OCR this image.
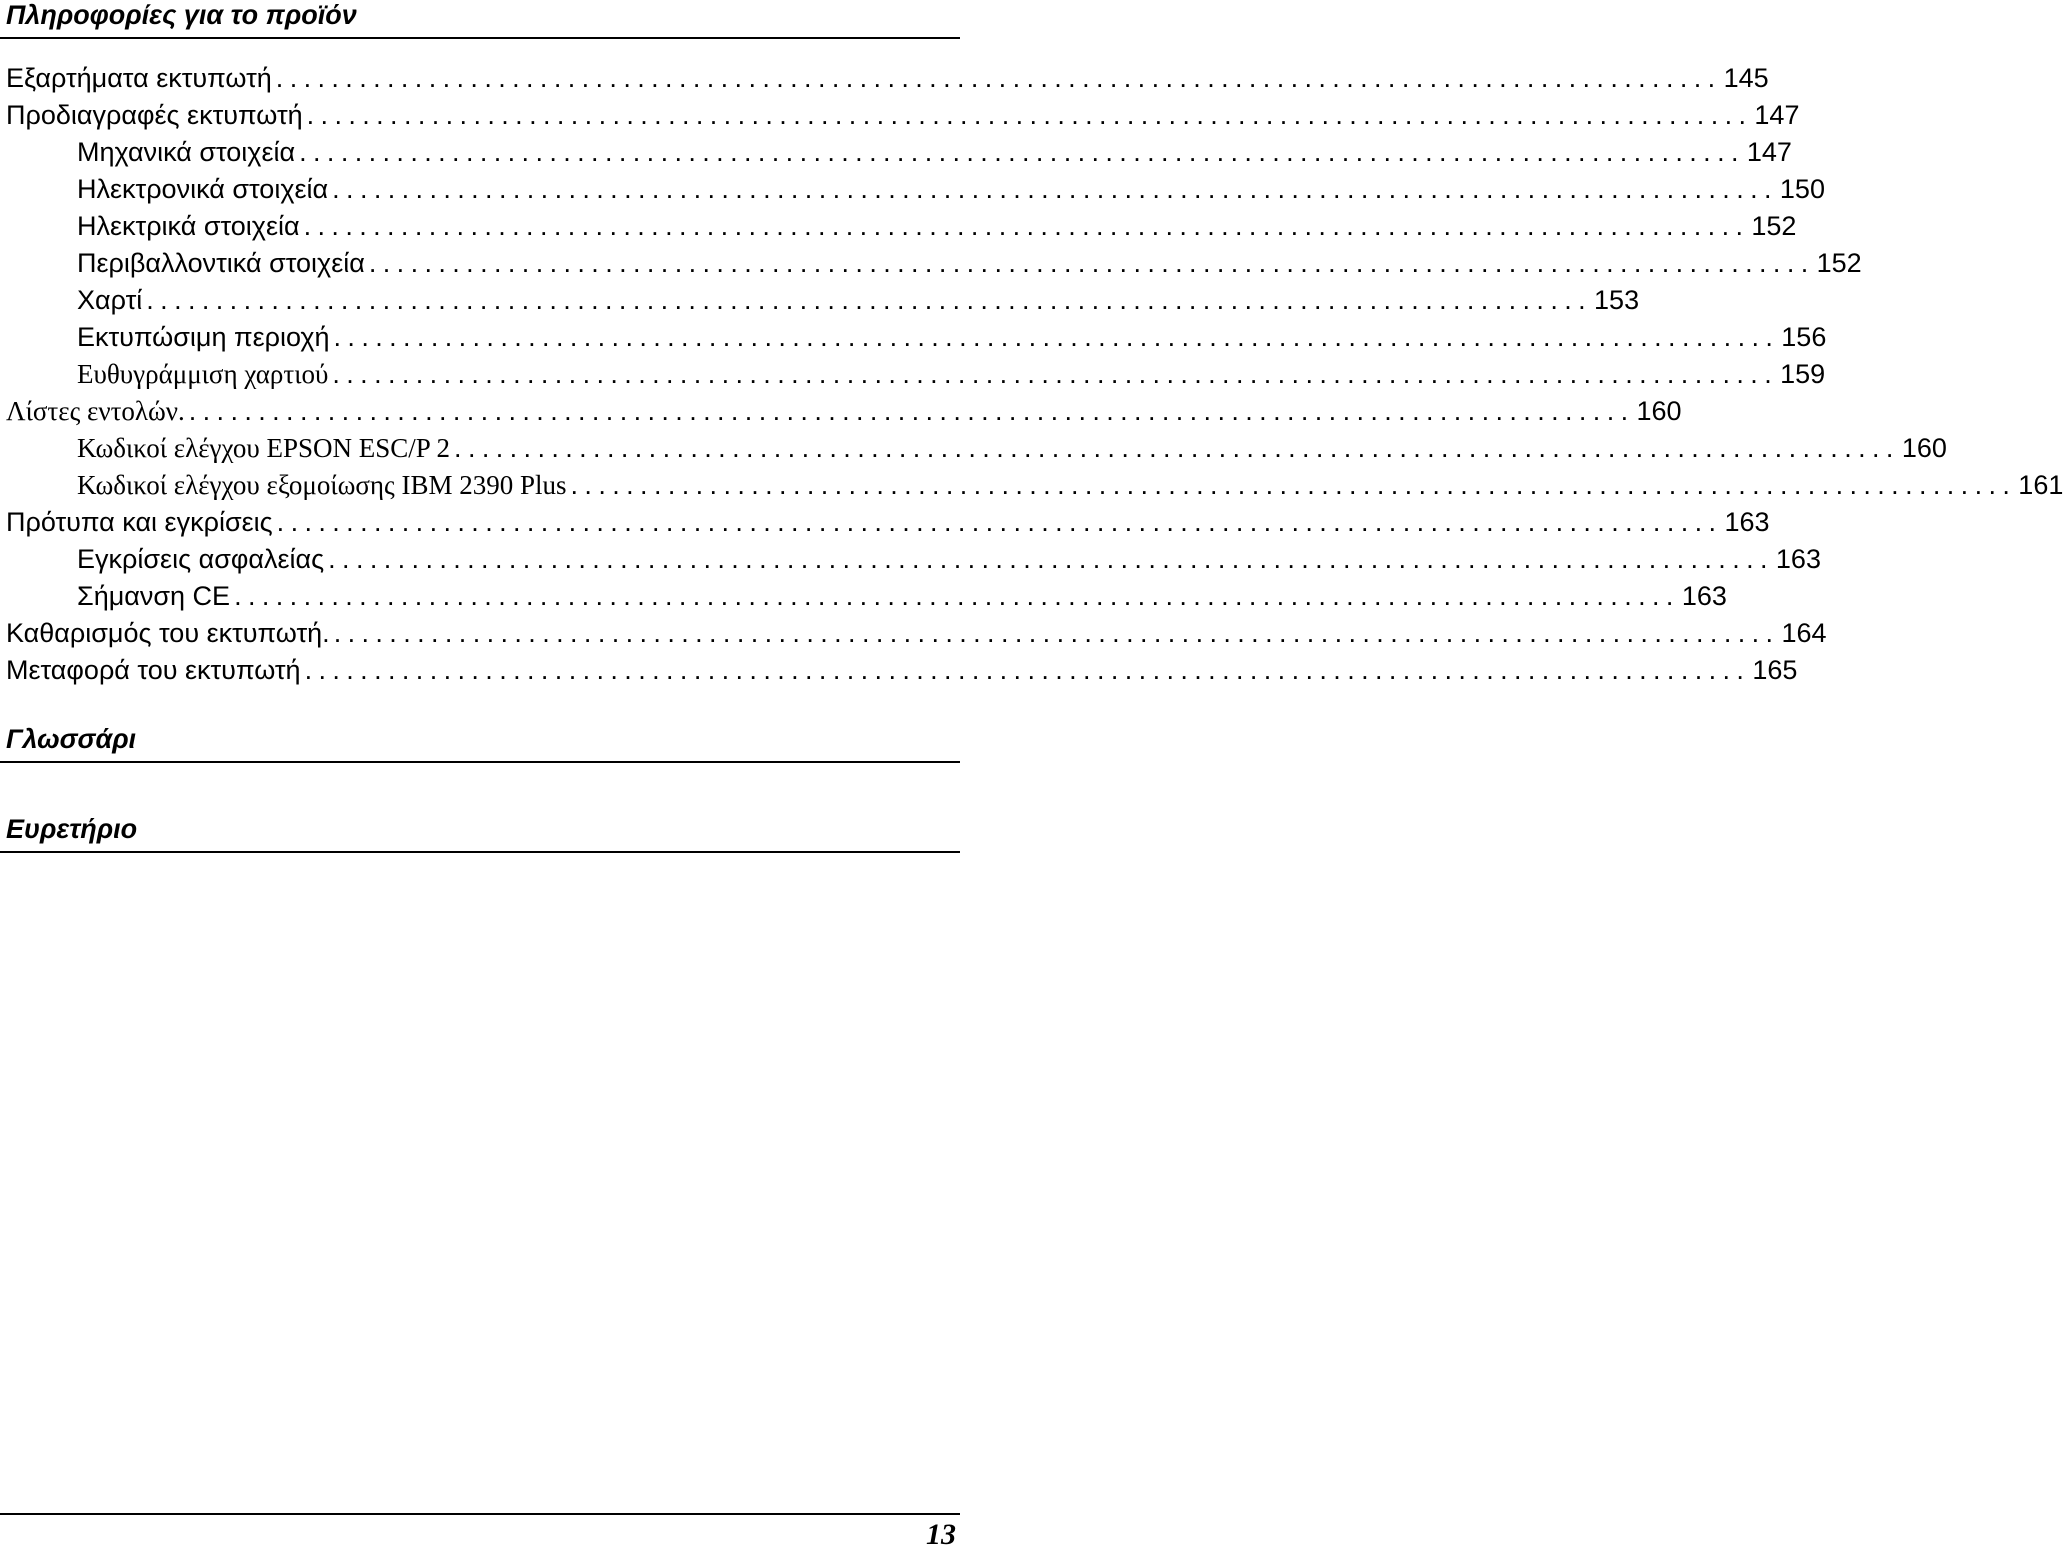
Πληροφορίες για το προϊόν
Εξαρτήματα εκτυπωτή ........................................................................................................ 145
Προδιαγραφές εκτυπωτή ........................................................................................................ 147
Μηχανικά στοιχεία ........................................................................................................ 147
Ηλεκτρονικά στοιχεία ........................................................................................................ 150
Ηλεκτρικά στοιχεία ........................................................................................................ 152
Περιβαλλοντικά στοιχεία ........................................................................................................ 152
Χαρτί ........................................................................................................ 153
Εκτυπώσιμη περιοχή ........................................................................................................ 156
Ευθυγράμμιση χαρτιού ........................................................................................................ 159
Λίστες εντολών. ........................................................................................................ 160
Κωδικοί ελέγχου EPSON ESC/P 2 ........................................................................................................ 160
Κωδικοί ελέγχου εξομοίωσης IBM 2390 Plus ........................................................................................................ 161
Πρότυπα και εγκρίσεις ........................................................................................................ 163
Εγκρίσεις ασφαλείας ........................................................................................................ 163
Σήμανση CE ........................................................................................................ 163
Καθαρισμός του εκτυπωτή. ........................................................................................................ 164
Μεταφορά του εκτυπωτή ........................................................................................................ 165
Γλωσσάρι
Ευρετήριο
13
